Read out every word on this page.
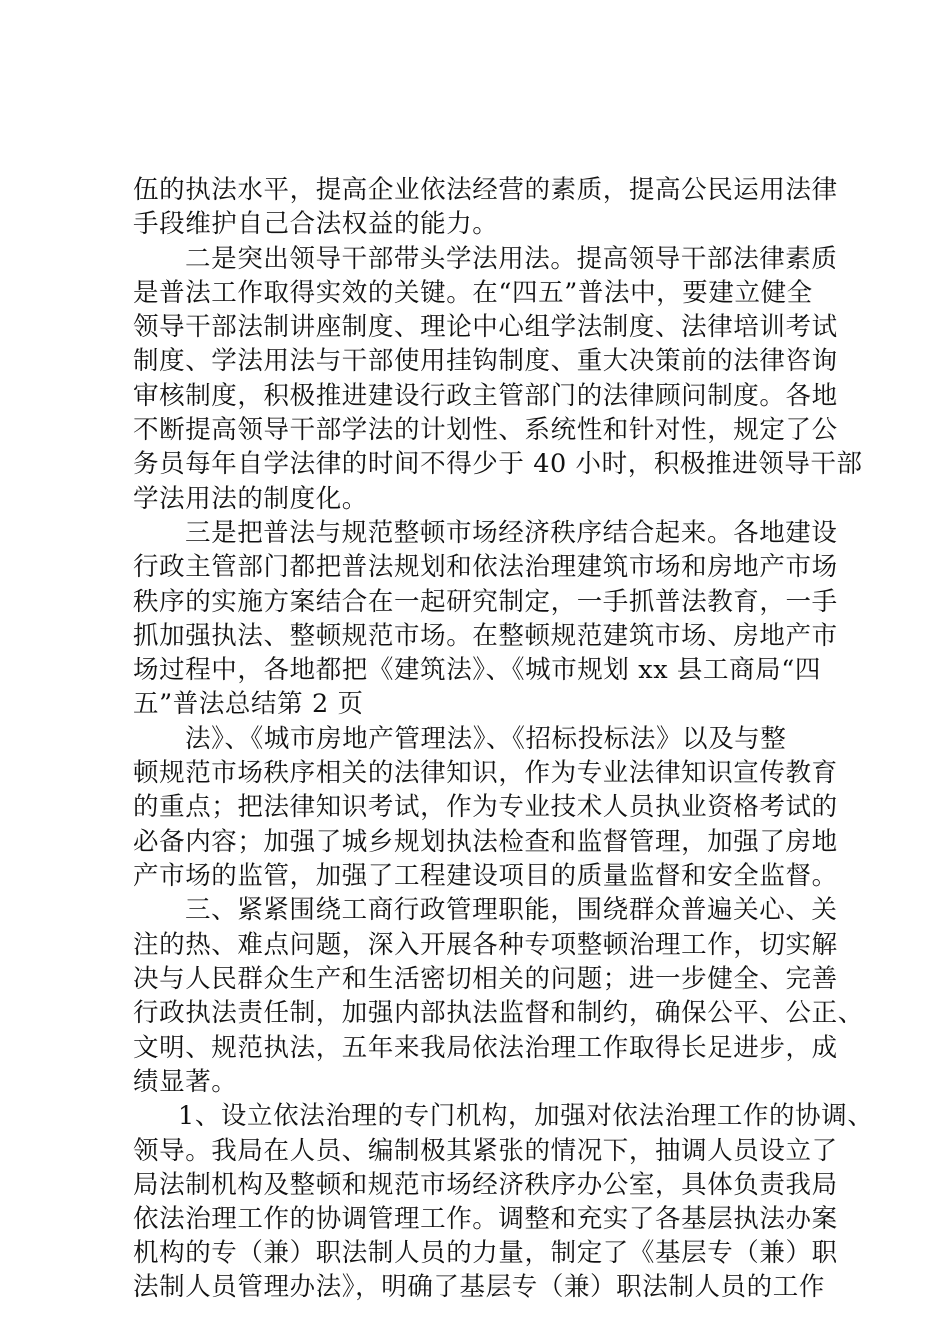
伍的执法水平，提高企业依法经营的素质，提高公民运用法律
手段维护自己合法权益的能力。
二是突出领导干部带头学法用法。提高领导干部法律素质
是普法工作取得实效的关键。在“四五”普法中，要建立健全
领导干部法制讲座制度、理论中心组学法制度、法律培训考试
制度、学法用法与干部使用挂钩制度、重大决策前的法律咨询
审核制度，积极推进建设行政主管部门的法律顾问制度。各地
不断提高领导干部学法的计划性、系统性和针对性，规定了公
务员每年自学法律的时间不得少于 40 小时，积极推进领导干部
学法用法的制度化。
三是把普法与规范整顿市场经济秩序结合起来。各地建设
行政主管部门都把普法规划和依法治理建筑市场和房地产市场
秩序的实施方案结合在一起研究制定，一手抓普法教育，一手
抓加强执法、整顿规范市场。在整顿规范建筑市场、房地产市
场过程中，各地都把《建筑法》、《城市规划 xx 县工商局“四
五”普法总结第 2 页
法》、《城市房地产管理法》、《招标投标法》以及与整
顿规范市场秩序相关的法律知识，作为专业法律知识宣传教育
的重点；把法律知识考试，作为专业技术人员执业资格考试的
必备内容；加强了城乡规划执法检查和监督管理，加强了房地
产市场的监管，加强了工程建设项目的质量监督和安全监督。
三、紧紧围绕工商行政管理职能，围绕群众普遍关心、关
注的热、难点问题，深入开展各种专项整顿治理工作，切实解
决与人民群众生产和生活密切相关的问题；进一步健全、完善
行政执法责任制，加强内部执法监督和制约，确保公平、公正、
文明、规范执法，五年来我局依法治理工作取得长足进步，成
绩显著。
1、设立依法治理的专门机构，加强对依法治理工作的协调、
领导。我局在人员、编制极其紧张的情况下，抽调人员设立了
局法制机构及整顿和规范市场经济秩序办公室，具体负责我局
依法治理工作的协调管理工作。调整和充实了各基层执法办案
机构的专（兼）职法制人员的力量，制定了《基层专（兼）职
法制人员管理办法》，明确了基层专（兼）职法制人员的工作
